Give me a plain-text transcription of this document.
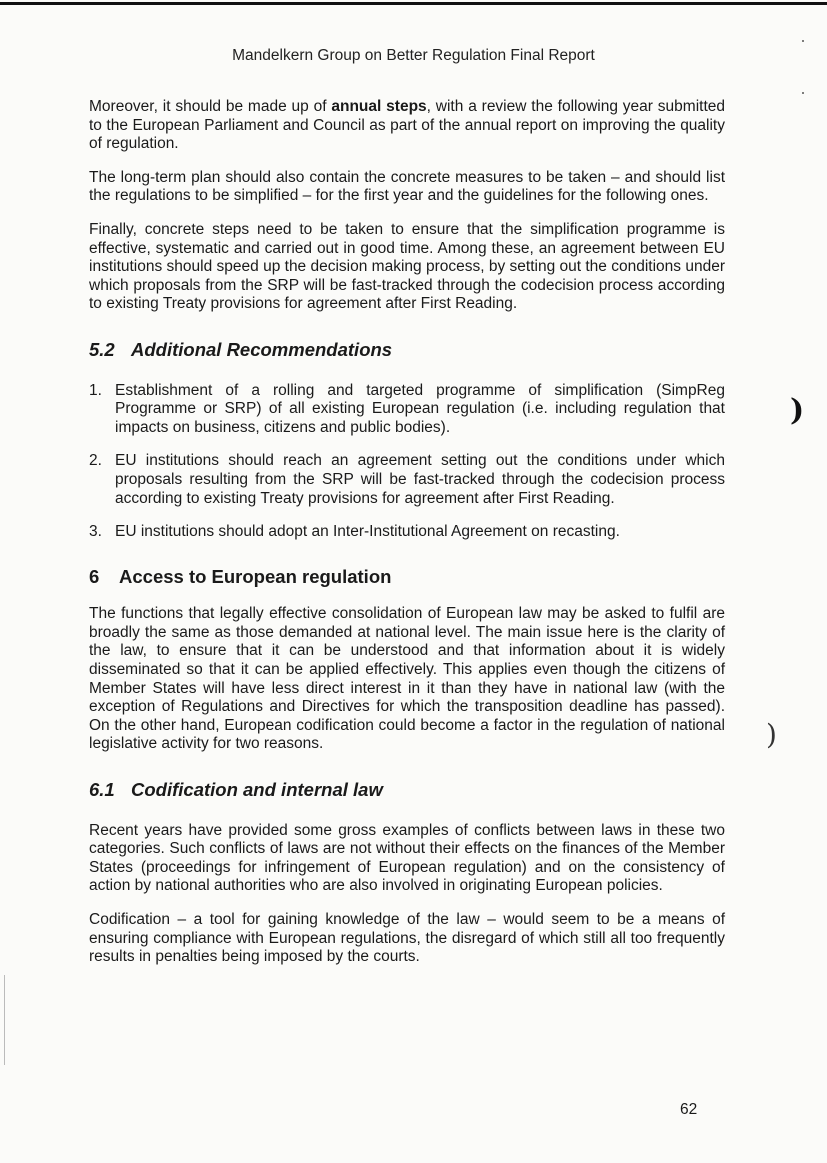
Mandelkern Group on Better Regulation Final Report

Moreover, it should be made up of annual steps, with a review the following year submitted to the European Parliament and Council as part of the annual report on improving the quality of regulation.

The long-term plan should also contain the concrete measures to be taken – and should list the regulations to be simplified – for the first year and the guidelines for the following ones.

Finally, concrete steps need to be taken to ensure that the simplification programme is effective, systematic and carried out in good time. Among these, an agreement between EU institutions should speed up the decision making process, by setting out the conditions under which proposals from the SRP will be fast-tracked through the codecision process according to existing Treaty provisions for agreement after First Reading.

5.2 Additional Recommendations
1. Establishment of a rolling and targeted programme of simplification (SimpReg Programme or SRP) of all existing European regulation (i.e. including regulation that impacts on business, citizens and public bodies).
2. EU institutions should reach an agreement setting out the conditions under which proposals resulting from the SRP will be fast-tracked through the codecision process according to existing Treaty provisions for agreement after First Reading.
3. EU institutions should adopt an Inter-Institutional Agreement on recasting.
6 Access to European regulation

The functions that legally effective consolidation of European law may be asked to fulfil are broadly the same as those demanded at national level. The main issue here is the clarity of the law, to ensure that it can be understood and that information about it is widely disseminated so that it can be applied effectively. This applies even though the citizens of Member States will have less direct interest in it than they have in national law (with the exception of Regulations and Directives for which the transposition deadline has passed). On the other hand, European codification could become a factor in the regulation of national legislative activity for two reasons.

6.1 Codification and internal law

Recent years have provided some gross examples of conflicts between laws in these two categories. Such conflicts of laws are not without their effects on the finances of the Member States (proceedings for infringement of European regulation) and on the consistency of action by national authorities who are also involved in originating European policies.

Codification – a tool for gaining knowledge of the law – would seem to be a means of ensuring compliance with European regulations, the disregard of which still all too frequently results in penalties being imposed by the courts.

62
)
)
